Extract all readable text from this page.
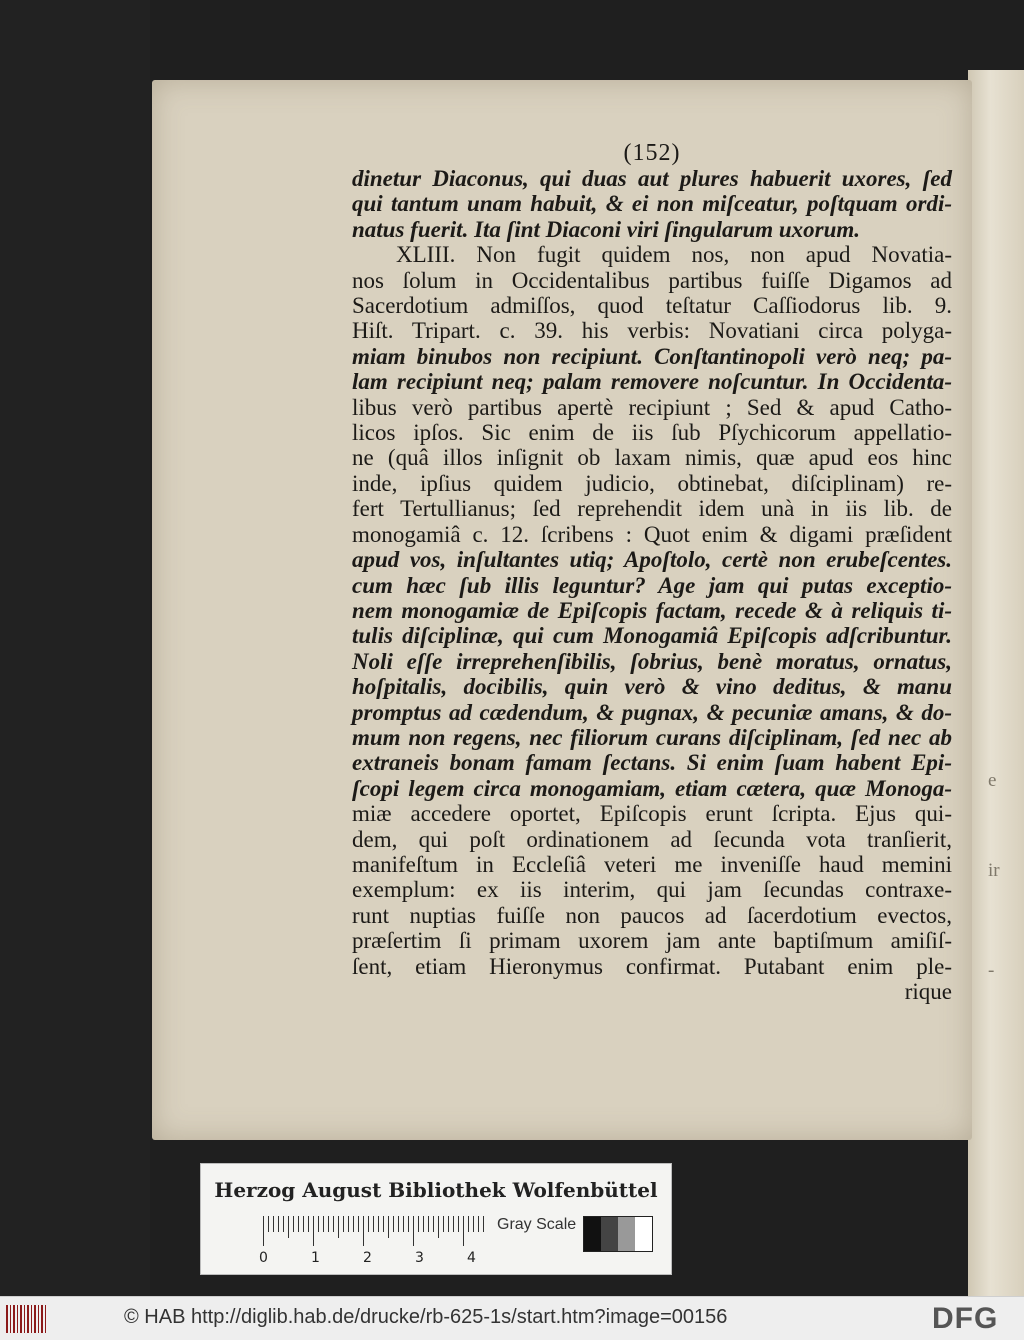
e
ir
-
(152)
dinetur Diaconus, qui duas aut plures habuerit uxores, ſed
qui tantum unam habuit, & ei non miſceatur, poſtquam ordi-
natus fuerit. Ita ſint Diaconi viri ſingularum uxorum.
XLIII. Non fugit quidem nos, non apud Novatia-
nos ſolum in Occidentalibus partibus fuiſſe Digamos ad
Sacerdotium admiſſos, quod teſtatur Caſſiodorus lib. 9.
Hiſt. Tripart. c. 39. his verbis: Novatiani circa polyga-
miam binubos non recipiunt. Conſtantinopoli verò neq; pa-
lam recipiunt neq; palam removere noſcuntur. In Occidenta-
libus verò partibus apertè recipiunt ; Sed & apud Catho-
licos ipſos. Sic enim de iis ſub Pſychicorum appellatio-
ne (quâ illos inſignit ob laxam nimis, quæ apud eos hinc
inde, ipſius quidem judicio, obtinebat, diſciplinam) re-
fert Tertullianus; ſed reprehendit idem unà in iis lib. de
monogamiâ c. 12. ſcribens : Quot enim & digami præſident
apud vos, inſultantes utiq; Apoſtolo, certè non erubeſcentes.
cum hæc ſub illis leguntur? Age jam qui putas exceptio-
nem monogamiæ de Epiſcopis factam, recede & à reliquis ti-
tulis diſciplinæ, qui cum Monogamiâ Epiſcopis adſcribuntur.
Noli eſſe irreprehenſibilis, ſobrius, benè moratus, ornatus,
hoſpitalis, docibilis, quin verò & vino deditus, & manu
promptus ad cædendum, & pugnax, & pecuniæ amans, & do-
mum non regens, nec filiorum curans diſciplinam, ſed nec ab
extraneis bonam famam ſectans. Si enim ſuam habent Epi-
ſcopi legem circa monogamiam, etiam cætera, quæ Monoga-
miæ accedere oportet, Epiſcopis erunt ſcripta. Ejus qui-
dem, qui poſt ordinationem ad ſecunda vota tranſierit,
manifeſtum in Eccleſiâ veteri me inveniſſe haud memini
exemplum: ex iis interim, qui jam ſecundas contraxe-
runt nuptias fuiſſe non paucos ad ſacerdotium evectos,
præſertim ſi primam uxorem jam ante baptiſmum amiſiſ-
ſent, etiam Hieronymus confirmat. Putabant enim ple-
rique
Herzog August Bibliothek Wolfenbüttel
0	1	2	3	4
Gray Scale
© HAB http://diglib.hab.de/drucke/rb-625-1s/start.htm?image=00156	DFG
